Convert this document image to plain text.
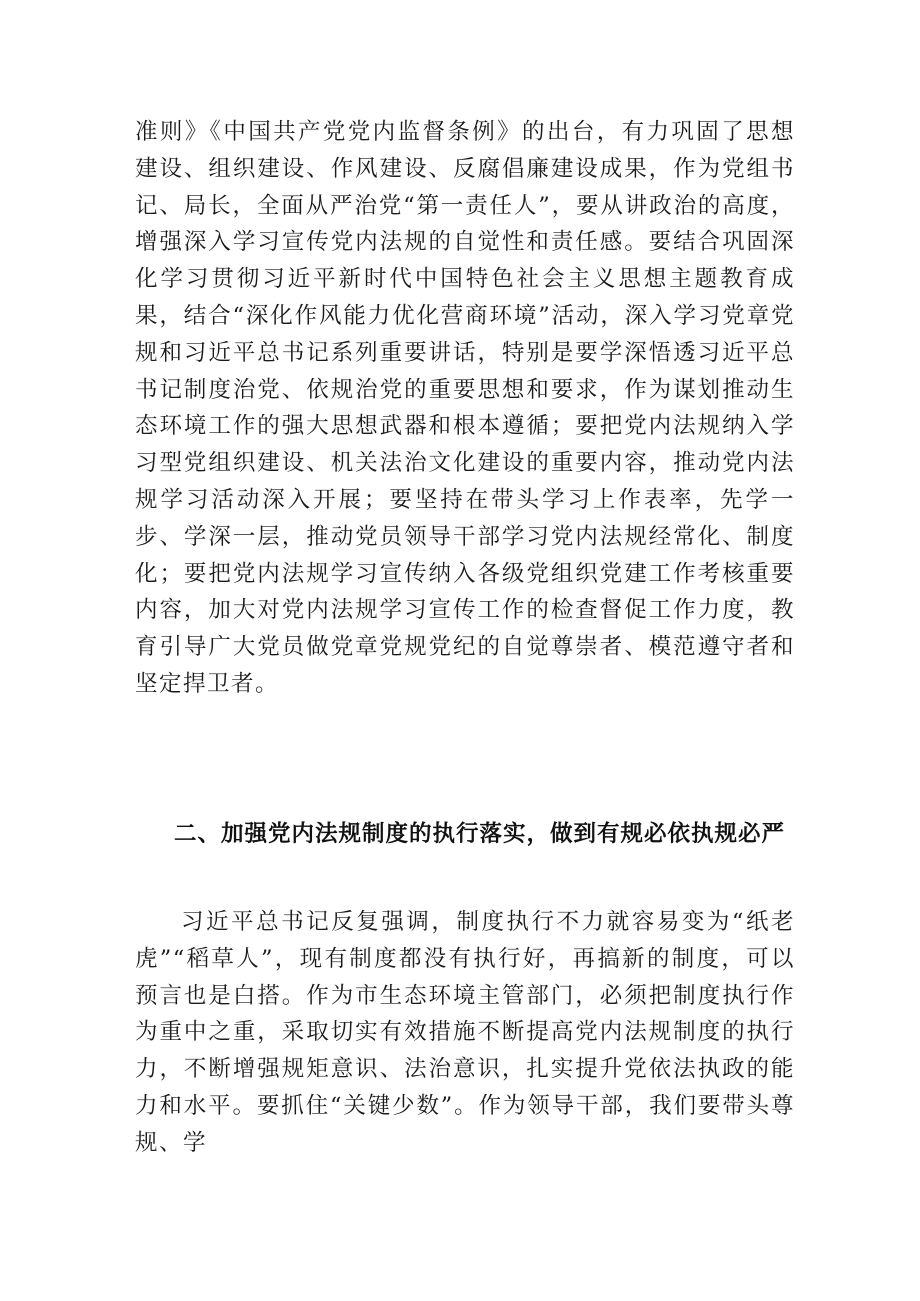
准则》《中国共产党党内监督条例》的出台，有力巩固了思想建设、组织建设、作风建设、反腐倡廉建设成果，作为党组书记、局长，全面从严治党“第一责任人”，要从讲政治的高度，增强深入学习宣传党内法规的自觉性和责任感。要结合巩固深化学习贯彻习近平新时代中国特色社会主义思想主题教育成果，结合“深化作风能力优化营商环境”活动，深入学习党章党规和习近平总书记系列重要讲话，特别是要学深悟透习近平总书记制度治党、依规治党的重要思想和要求，作为谋划推动生态环境工作的强大思想武器和根本遵循；要把党内法规纳入学习型党组织建设、机关法治文化建设的重要内容，推动党内法规学习活动深入开展；要坚持在带头学习上作表率，先学一步、学深一层，推动党员领导干部学习党内法规经常化、制度化；要把党内法规学习宣传纳入各级党组织党建工作考核重要内容，加大对党内法规学习宣传工作的检查督促工作力度，教育引导广大党员做党章党规党纪的自觉尊崇者、模范遵守者和坚定捍卫者。

二、加强党内法规制度的执行落实，做到有规必依执规必严

习近平总书记反复强调，制度执行不力就容易变为“纸老虎”“稻草人”，现有制度都没有执行好，再搞新的制度，可以预言也是白搭。作为市生态环境主管部门，必须把制度执行作为重中之重，采取切实有效措施不断提高党内法规制度的执行力，不断增强规矩意识、法治意识，扎实提升党依法执政的能力和水平。要抓住“关键少数”。作为领导干部，我们要带头尊规、学
